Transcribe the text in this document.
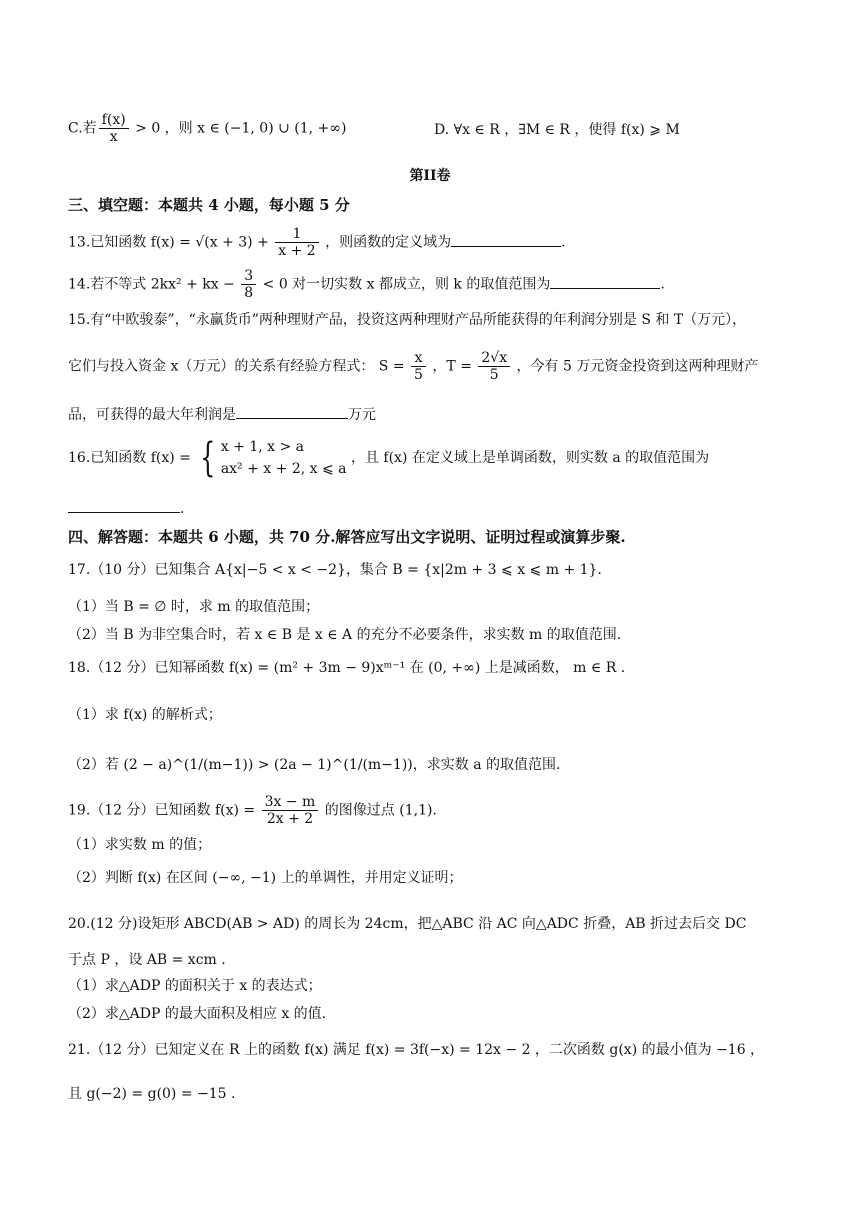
C.若 $\frac{f(x)}{x} > 0$ ，则 x ∈ (−1, 0) ∪ (1, +∞)	D. ∀x ∈ R ，∃M ∈ R ，使得 f(x) ⩾ M
第II卷
三、填空题：本题共 4 小题，每小题 5 分
13.已知函数 $f(x) = √(x + 3) + \frac{1}{x + 2}$ ，则函数的定义域为	.
14.若不等式 2kx² + kx − $\frac{3}{8} < 0$ 对一切实数 x 都成立，则 k 的取值范围为	.
15.有“中欧骏泰”，“永赢货币”两种理财产品，投资这两种理财产品所能获得的年利润分别是 S 和 T（万元），
它们与投入资金 x（万元）的关系有经验方程式： $S = \frac{x}{5}$ ，$T = \frac{2√x}{5}$ ，今有 5 万元资金投资到这两种理财产
品，可获得的最大年利润是	万元
16.已知函数 f(x) = { x + 1, x > a
ax² + x + 2, x ⩽ a
，且 f(x) 在定义域上是单调函数，则实数 a 的取值范围为
.
四、解答题：本题共 6 小题，共 70 分.解答应写出文字说明、证明过程或演算步聚.
17.（10 分）已知集合 A{x|−5 < x < −2}，集合 B = {x|2m + 3 ⩽ x ⩽ m + 1}.
（1）当 B = ∅ 时，求 m 的取值范围；
（2）当 B 为非空集合时，若 x ∈ B 是 x ∈ A 的充分不必要条件，求实数 m 的取值范围.
18.（12 分）已知幂函数 f(x) = (m² + 3m − 9)xᵐ⁻¹ 在 (0, +∞) 上是减函数， m ∈ R .
（1）求 f(x) 的解析式；
（2）若 (2 − a)^(1/(m−1)) > (2a − 1)^(1/(m−1))，求实数 a 的取值范围.
19.（12 分）已知函数 $f(x) = \frac{3x - m}{2x + 2}$ 的图像过点 (1,1).
（1）求实数 m 的值；
（2）判断 f(x) 在区间 (−∞, −1) 上的单调性，并用定义证明；
20.(12 分)设矩形 ABCD(AB > AD) 的周长为 24cm，把△ABC 沿 AC 向△ADC 折叠，AB 折过去后交 DC
于点 P ，设 AB = xcm .
（1）求△ADP 的面积关于 x 的表达式；
（2）求△ADP 的最大面积及相应 x 的值.
21.（12 分）已知定义在 R 上的函数 f(x) 满足 f(x) = 3f(−x) = 12x − 2 ，二次函数 g(x) 的最小值为 −16 ，
且 g(−2) = g(0) = −15 .
